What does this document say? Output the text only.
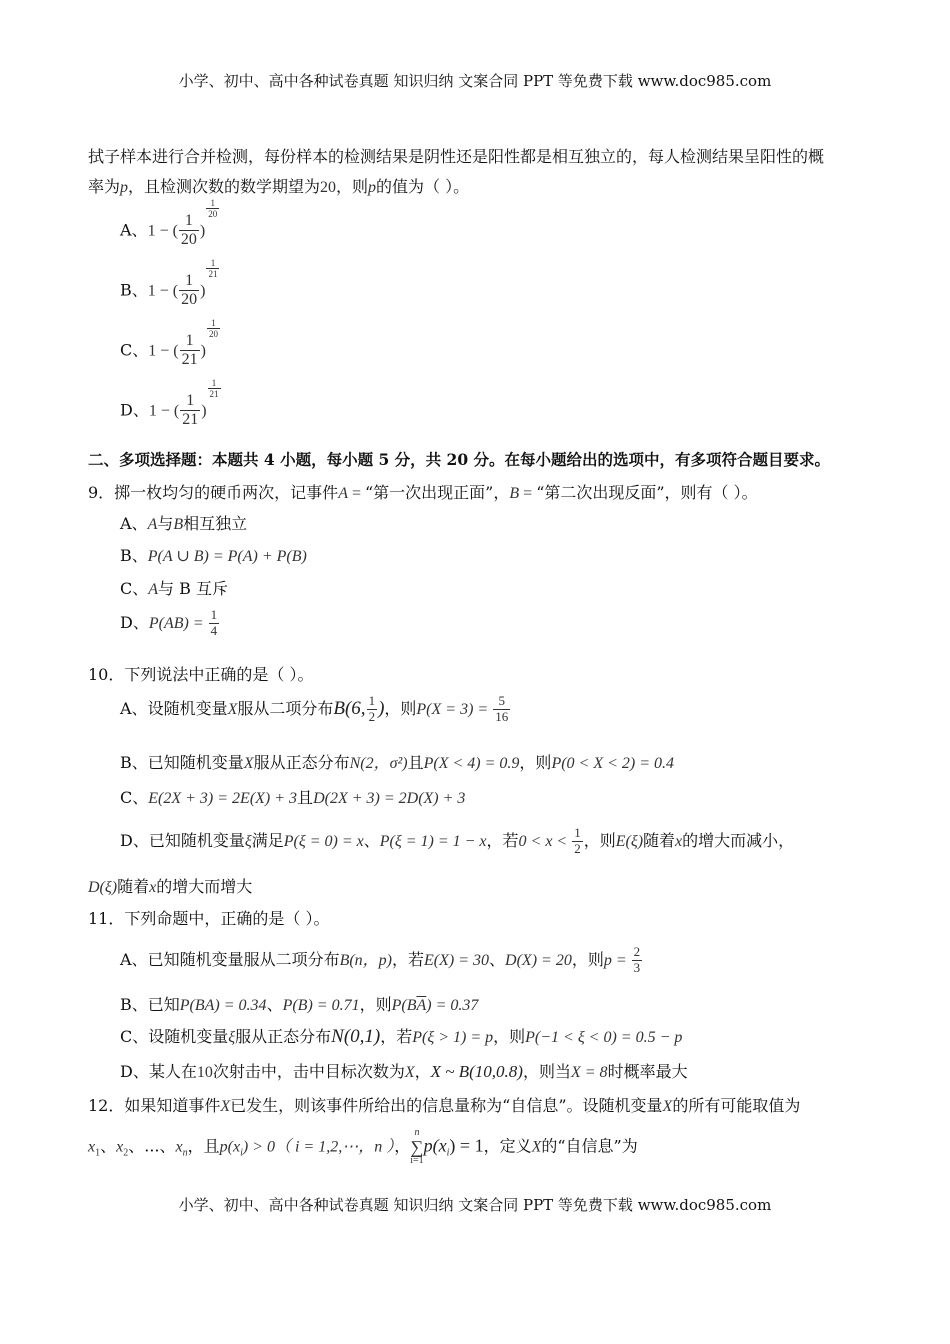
小学、初中、高中各种试卷真题 知识归纳 文案合同 PPT 等免费下载 www.doc985.com
拭子样本进行合并检测，每份样本的检测结果是阴性还是阳性都是相互独立的，每人检测结果呈阳性的概
率为p，且检测次数的数学期望为20，则p的值为（ ）。
A、1 − ( $\frac{1}{20}$ )
$\frac{1}{20}$
B、1 − ( $\frac{1}{20}$ )
$\frac{1}{21}$
C、1 − ( $\frac{1}{21}$ )
$\frac{1}{20}$
D、1 − ( $\frac{1}{21}$ )
$\frac{1}{21}$
二、多项选择题：本题共 4 小题，每小题 5 分，共 20 分。在每小题给出的选项中，有多项符合题目要求。
9．掷一枚均匀的硬币两次，记事件A = “第一次出现正面”，B = “第二次出现反面”，则有（ ）。
A、A与B相互独立
B、P(A ∪ B) = P(A) + P(B)
C、A与 B 互斥
D、$P(AB) = \frac{1}{4}$
10．下列说法中正确的是（ ）。
A、设随机变量X服从二项分布B(6, $\frac{1}{2}$ )，则$P(X = 3) = \frac{5}{16}$
B、已知随机变量X服从正态分布N(2，σ²)且P(X < 4) = 0.9，则P(0 < X < 2) = 0.4
C、E(2X + 3) = 2E(X) + 3且D(2X + 3) = 2D(X) + 3
D、已知随机变量ξ满足P(ξ = 0) = x、P(ξ = 1) = 1 − x，若$0 < x < \frac{1}{2}$ ，则E(ξ)随着x的增大而减小，
D(ξ)随着x的增大而增大
11．下列命题中，正确的是（ ）。
A、已知随机变量服从二项分布B(n，p)，若E(X) = 30、D(X) = 20，则$p = \frac{2}{3}$
B、已知P(BA) = 0.34、P(B) = 0.71，则$P(B\overline{A}) = 0.37$
C、设随机变量ξ服从正态分布N(0,1)，若P(ξ > 1) = p，则P(−1 < ξ < 0) = 0.5 − p
D、某人在10次射击中，击中目标次数为X，X ~ B(10,0.8)，则当X = 8时概率最大
12．如果知道事件X已发生，则该事件所给出的信息量称为“自信息”。设随机变量X的所有可能取值为
$x_1$、$x_2$、...、$x_n$，且$p(x_i) > 0$（ i = 1,2,⋯，n ），
n
∑
i=1
$p(x_i) = 1$，定义X的“自信息”为
小学、初中、高中各种试卷真题 知识归纳 文案合同 PPT 等免费下载 www.doc985.com
